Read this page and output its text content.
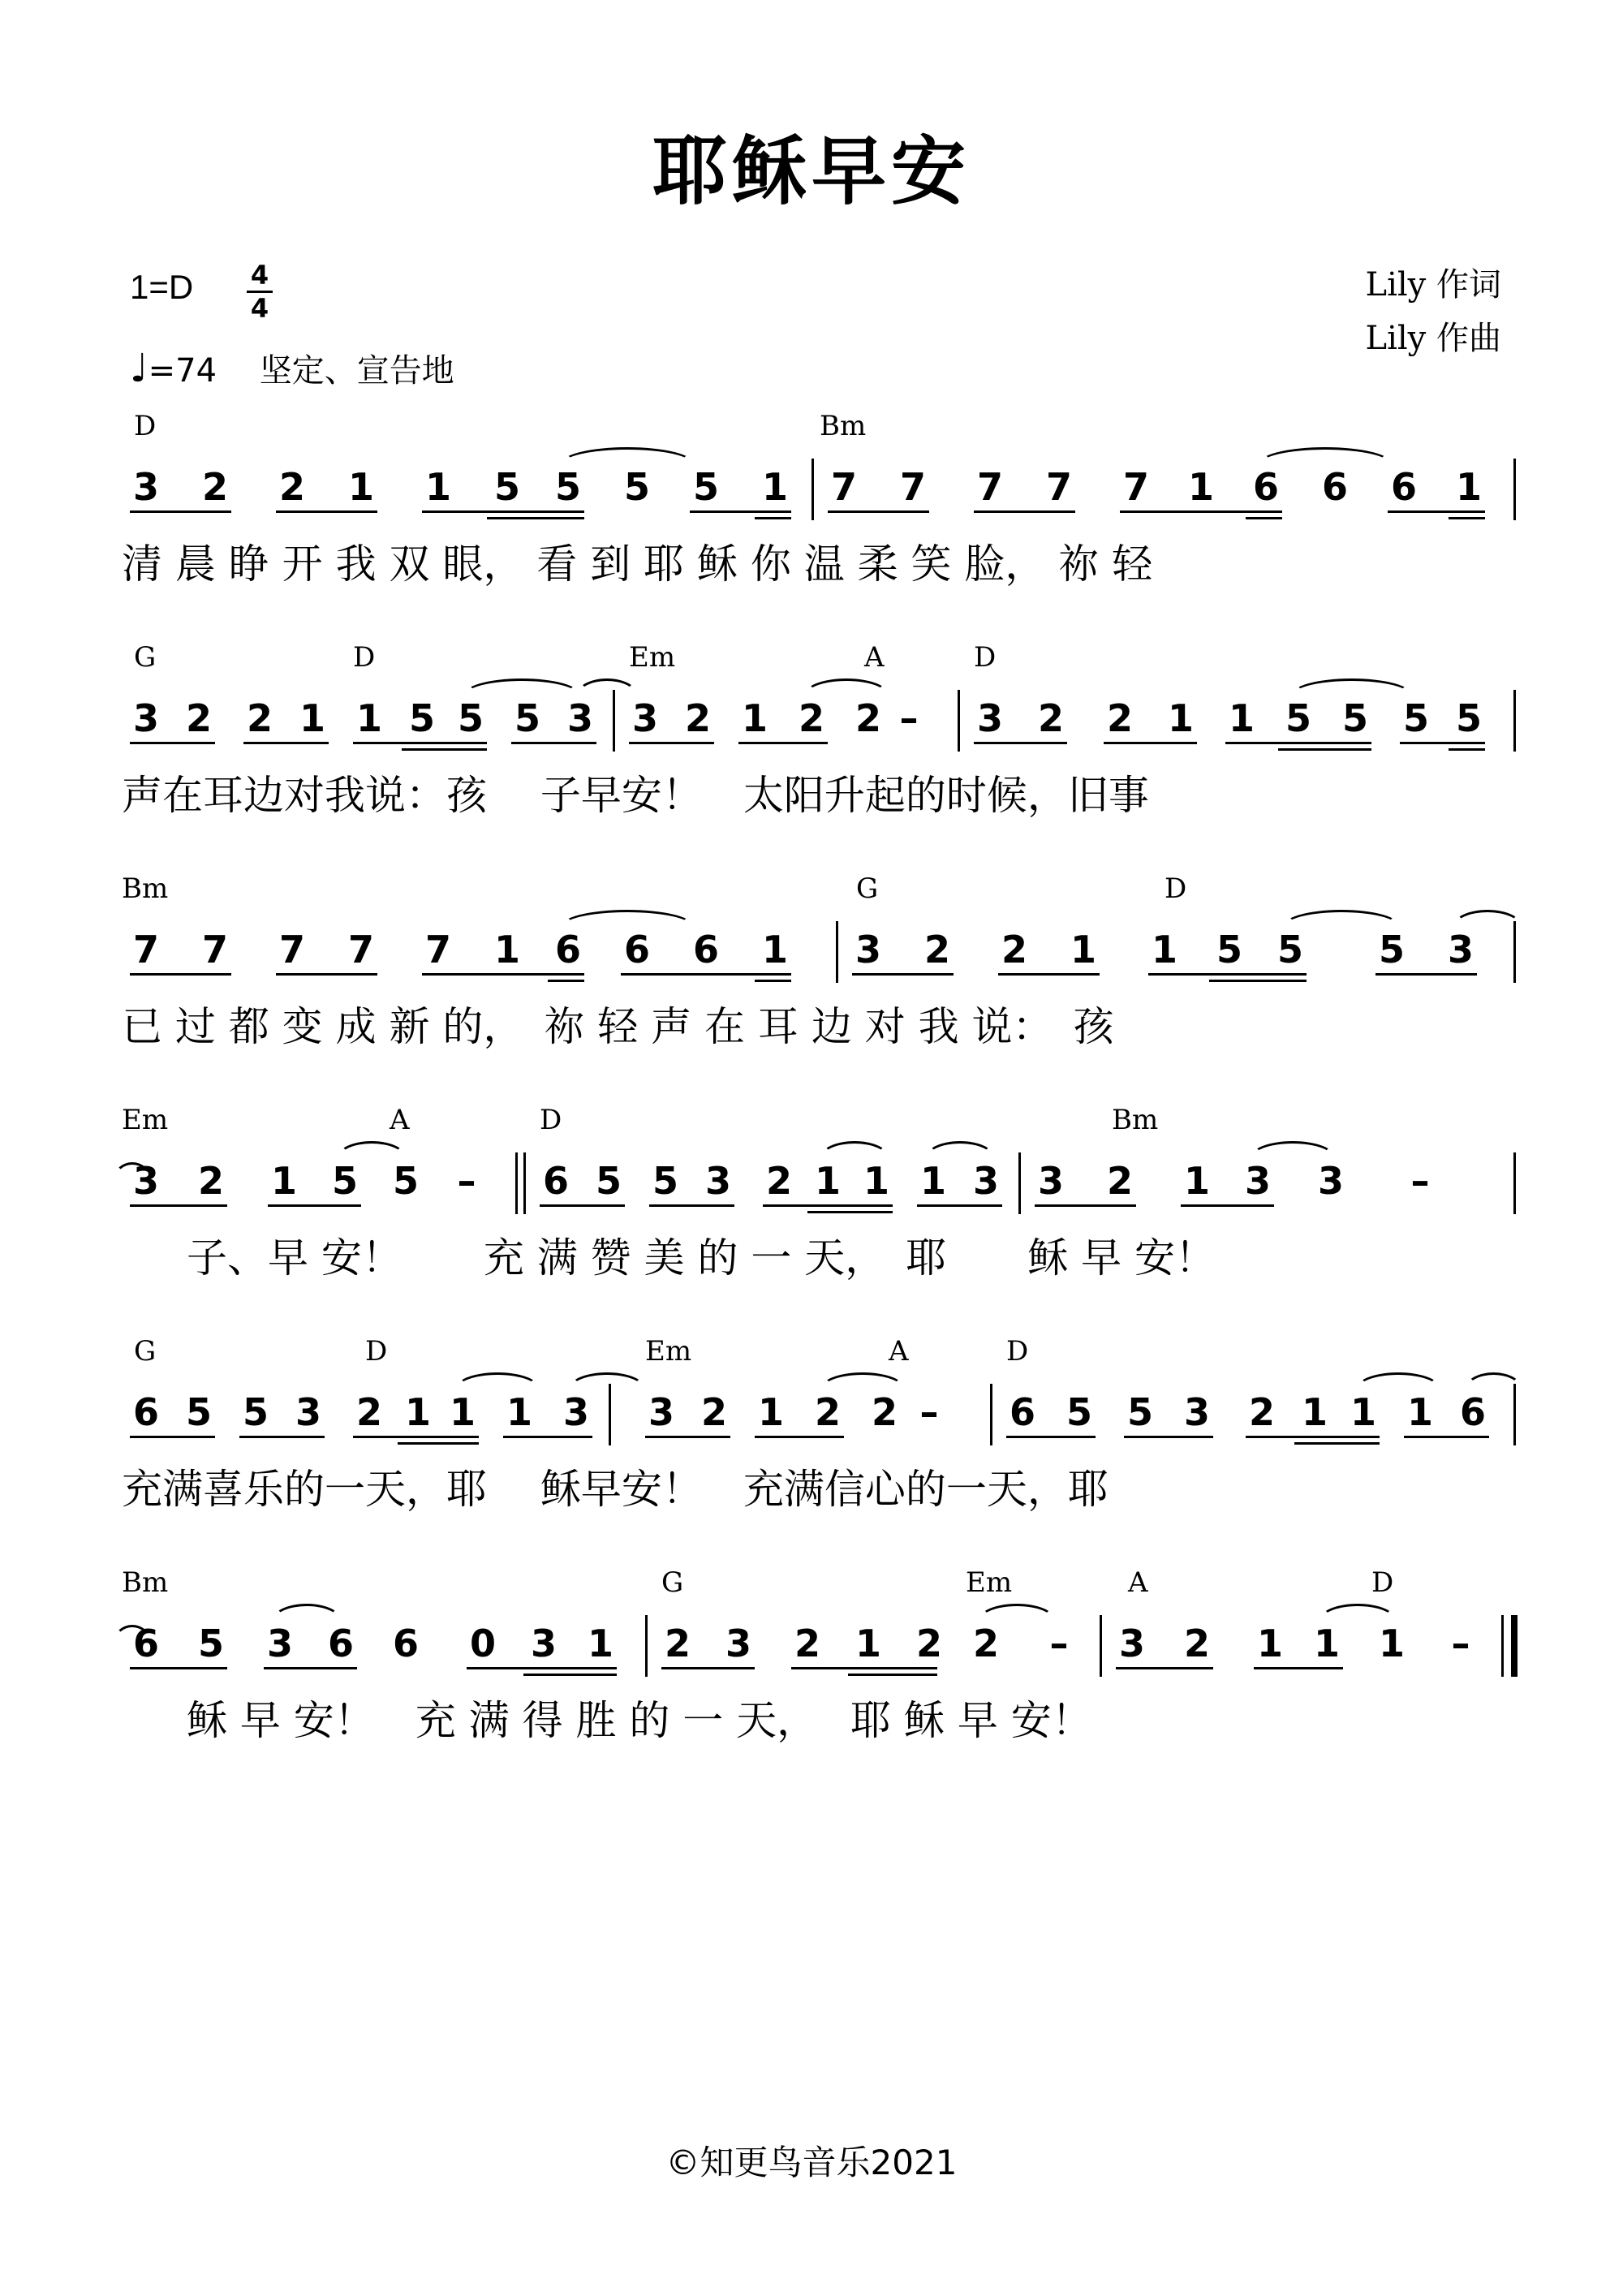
耶稣早安
1=D 4
4
♩=74 坚定、宣告地
Lily 作词
Lily 作曲
D	Bm
3 2 2 1 1 5 5 5 5 1 7 7 7 7 7 1 6 6 6 1
清 晨 睁 开 我 双 眼， 看 到 耶 稣 你 温 柔 笑 脸， 祢 轻
G	D	Em	A	D
3 2 2 1 1 5 5 5 3 3 2 1 2 2 – 3 2 2 1 1 5 5 5 5
声在耳边对我说：孩　 子早安！　太阳升起的时候，旧事
Bm	G	D
7 7 7 7 7 1 6 6 6 1 3 2 2 1 1 5 5 5 3
已 过 都 变 成 新 的，　祢 轻 声 在 耳 边 对 我 说：　孩
Em	A	D	Bm
3 2 1 5 5 – 6 5 5 3 2 1 1 1 3 3 2 1 3 3 –
子、早 安！　　充 满 赞 美 的 一 天，　耶　　稣 早 安！
G	D	Em	A	D
6 5 5 3 2 1 1 1 3 3 2 1 2 2 – 6 5 5 3 2 1 1 1 6
充满喜乐的一天，耶　 稣早安！　充满信心的一天，耶
Bm	G	Em	A	D
6 5 3 6 6 0 3 1 2 3 2 1 2 2 – 3 2 1 1 1 –
稣 早 安！　充 满 得 胜 的 一 天，　 耶 稣 早 安！
©知更鸟音乐2021
